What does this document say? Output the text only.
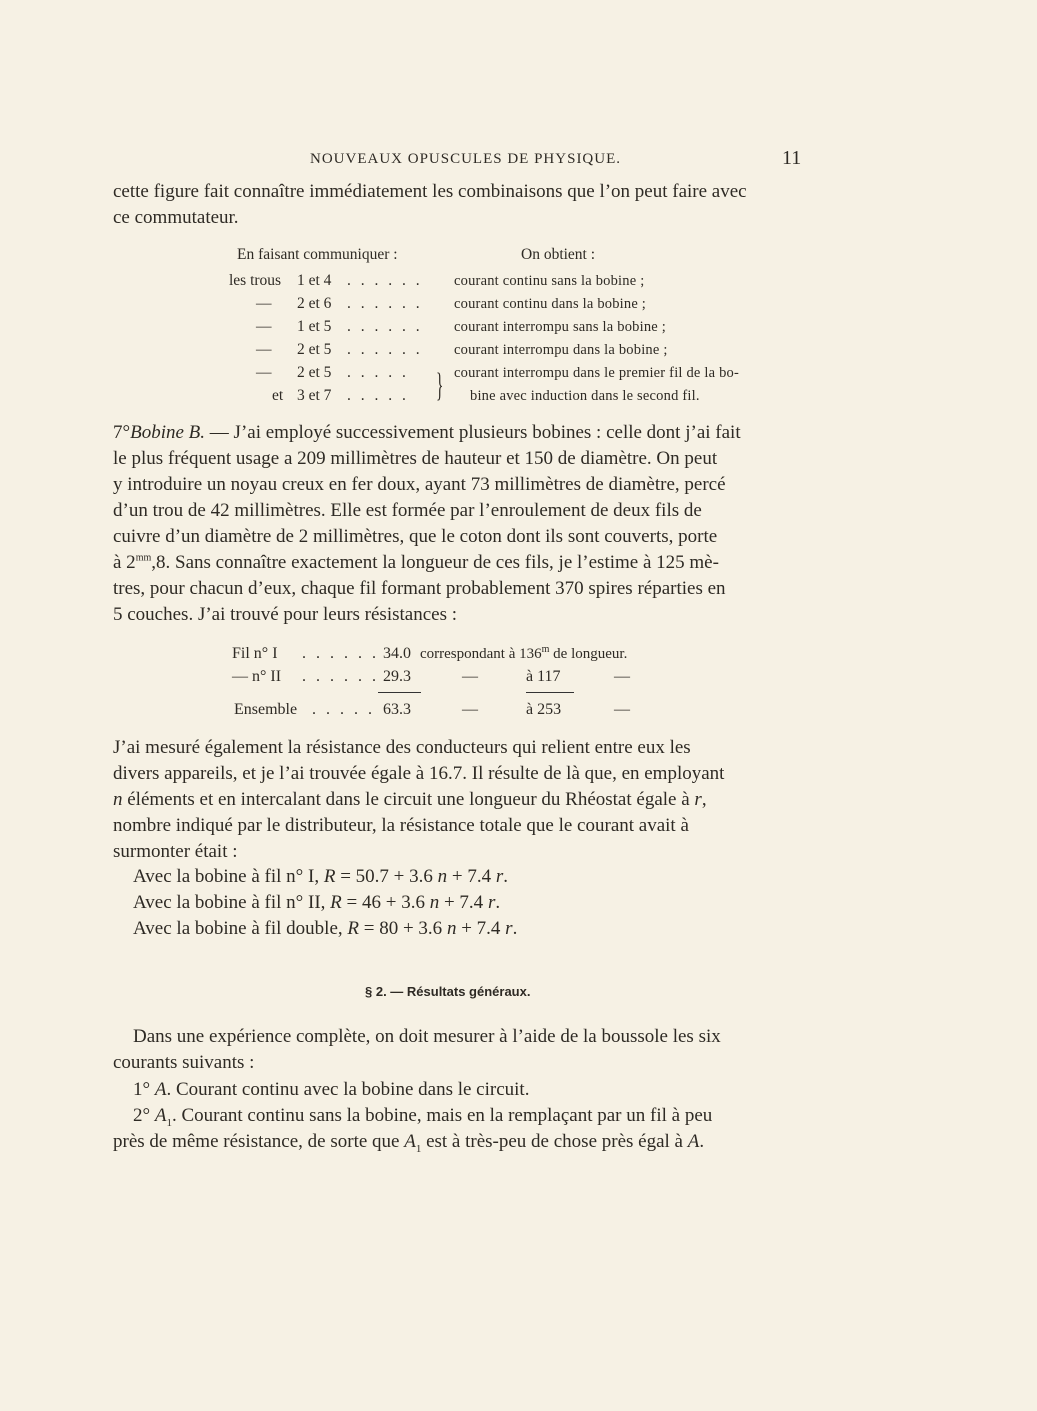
NOUVEAUX OPUSCULES DE PHYSIQUE.	11
cette figure fait connaître immédiatement les combinaisons que l’on peut faire avec
ce commutateur.
En faisant communiquer :	On obtient :
les trous 1 et 4 . . . . . . courant continu sans la bobine ;
— 2 et 6 . . . . . . courant continu dans la bobine ;
— 1 et 5 . . . . . . courant interrompu sans la bobine ;
— 2 et 5 . . . . . . courant interrompu dans la bobine ;
— 2 et 5 . . . . .	courant interrompu dans le premier fil de la bo-
et 3 et 7 . . . . .	bine avec induction dans le second fil.
}
7°Bobine B. — J’ai employé successivement plusieurs bobines : celle dont j’ai fait
le plus fréquent usage a 209 millimètres de hauteur et 150 de diamètre. On peut
y introduire un noyau creux en fer doux, ayant 73 millimètres de diamètre, percé
d’un trou de 42 millimètres. Elle est formée par l’enroulement de deux fils de
cuivre d’un diamètre de 2 millimètres, que le coton dont ils sont couverts, porte
à $2^{mm},8$. Sans connaître exactement la longueur de ces fils, je l’estime à 125 mè-
tres, pour chacun d’eux, chaque fil formant probablement 370 spires réparties en
5 couches. J’ai trouvé pour leurs résistances :
Fil n° I . . . . . . 34.0 correspondant à 136$^m$ de longueur.
— n° II . . . . . . 29.3	—	à 117	—
Ensemble . . . . . 63.3	—	à 253	—
J’ai mesuré également la résistance des conducteurs qui relient entre eux les
divers appareils, et je l’ai trouvée égale à 16.7. Il résulte de là que, en employant
n éléments et en intercalant dans le circuit une longueur du Rhéostat égale à r,
nombre indiqué par le distributeur, la résistance totale que le courant avait à
surmonter était :
Avec la bobine à fil n° I, R = 50.7 + 3.6 n + 7.4 r.
Avec la bobine à fil n° II, R = 46 + 3.6 n + 7.4 r.
Avec la bobine à fil double, R = 80 + 3.6 n + 7.4 r.
§ 2. — Résultats généraux.
Dans une expérience complète, on doit mesurer à l’aide de la boussole les six
courants suivants :
1° A. Courant continu avec la bobine dans le circuit.
2° $A_1$. Courant continu sans la bobine, mais en la remplaçant par un fil à peu
près de même résistance, de sorte que $A_1$ est à très-peu de chose près égal à A.
